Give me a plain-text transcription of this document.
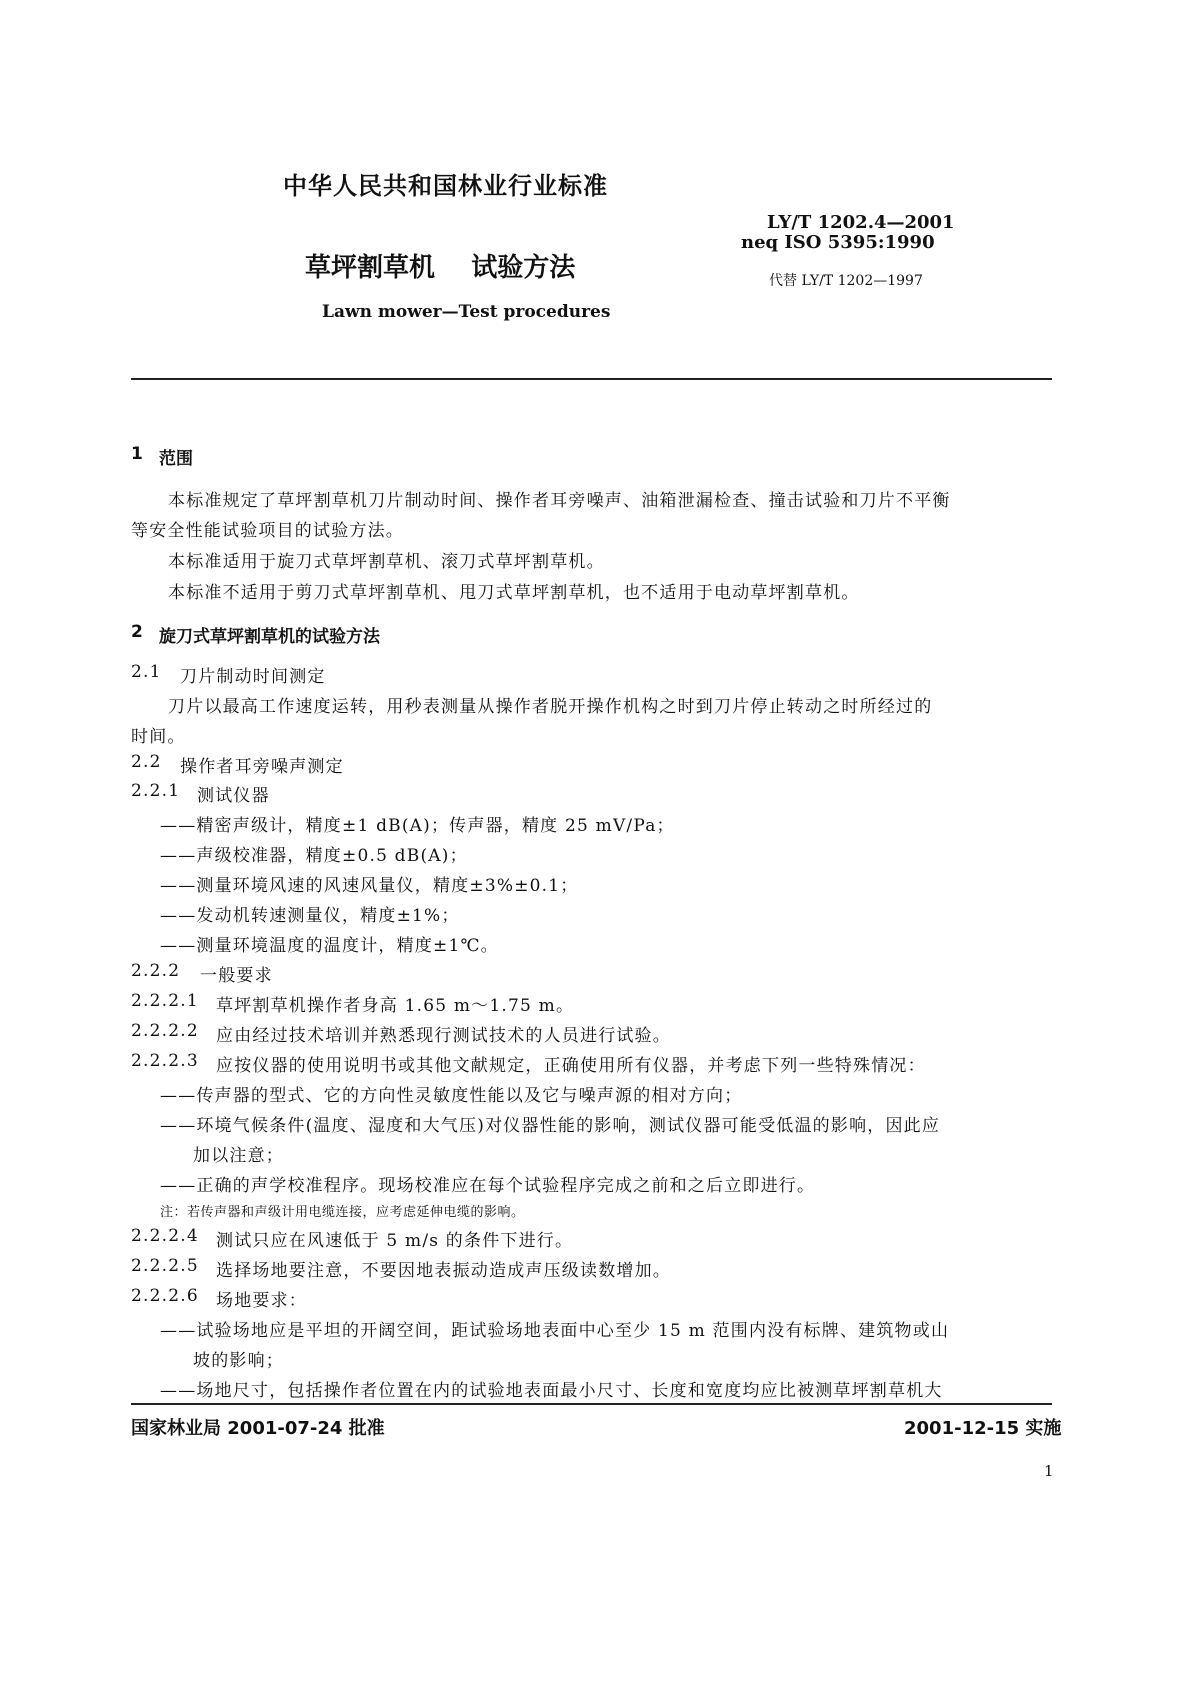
中华人民共和国林业行业标准
LY/T 1202.4—2001
neq ISO 5395:1990
代替 LY/T 1202—1997
草坪割草机    试验方法
Lawn mower—Test procedures
1 范围
本标准规定了草坪割草机刀片制动时间、操作者耳旁噪声、油箱泄漏检查、撞击试验和刀片不平衡
等安全性能试验项目的试验方法。
本标准适用于旋刀式草坪割草机、滚刀式草坪割草机。
本标准不适用于剪刀式草坪割草机、甩刀式草坪割草机，也不适用于电动草坪割草机。
2 旋刀式草坪割草机的试验方法
2.1 刀片制动时间测定
刀片以最高工作速度运转，用秒表测量从操作者脱开操作机构之时到刀片停止转动之时所经过的
时间。
2.2 操作者耳旁噪声测定
2.2.1 测试仪器
——精密声级计，精度±1 dB(A)；传声器，精度 25 mV/Pa；
——声级校准器，精度±0.5 dB(A)；
——测量环境风速的风速风量仪，精度±3%±0.1；
——发动机转速测量仪，精度±1%；
——测量环境温度的温度计，精度±1℃。
2.2.2 一般要求
2.2.2.1 草坪割草机操作者身高 1.65 m～1.75 m。
2.2.2.2 应由经过技术培训并熟悉现行测试技术的人员进行试验。
2.2.2.3 应按仪器的使用说明书或其他文献规定，正确使用所有仪器，并考虑下列一些特殊情况：
——传声器的型式、它的方向性灵敏度性能以及它与噪声源的相对方向；
——环境气候条件(温度、湿度和大气压)对仪器性能的影响，测试仪器可能受低温的影响，因此应
加以注意；
——正确的声学校准程序。现场校准应在每个试验程序完成之前和之后立即进行。
注：若传声器和声级计用电缆连接，应考虑延伸电缆的影响。
2.2.2.4 测试只应在风速低于 5 m/s 的条件下进行。
2.2.2.5 选择场地要注意，不要因地表振动造成声压级读数增加。
2.2.2.6 场地要求：
——试验场地应是平坦的开阔空间，距试验场地表面中心至少 15 m 范围内没有标牌、建筑物或山
坡的影响；
——场地尺寸，包括操作者位置在内的试验地表面最小尺寸、长度和宽度均应比被测草坪割草机大
国家林业局 2001-07-24 批准	2001-12-15 实施
1
